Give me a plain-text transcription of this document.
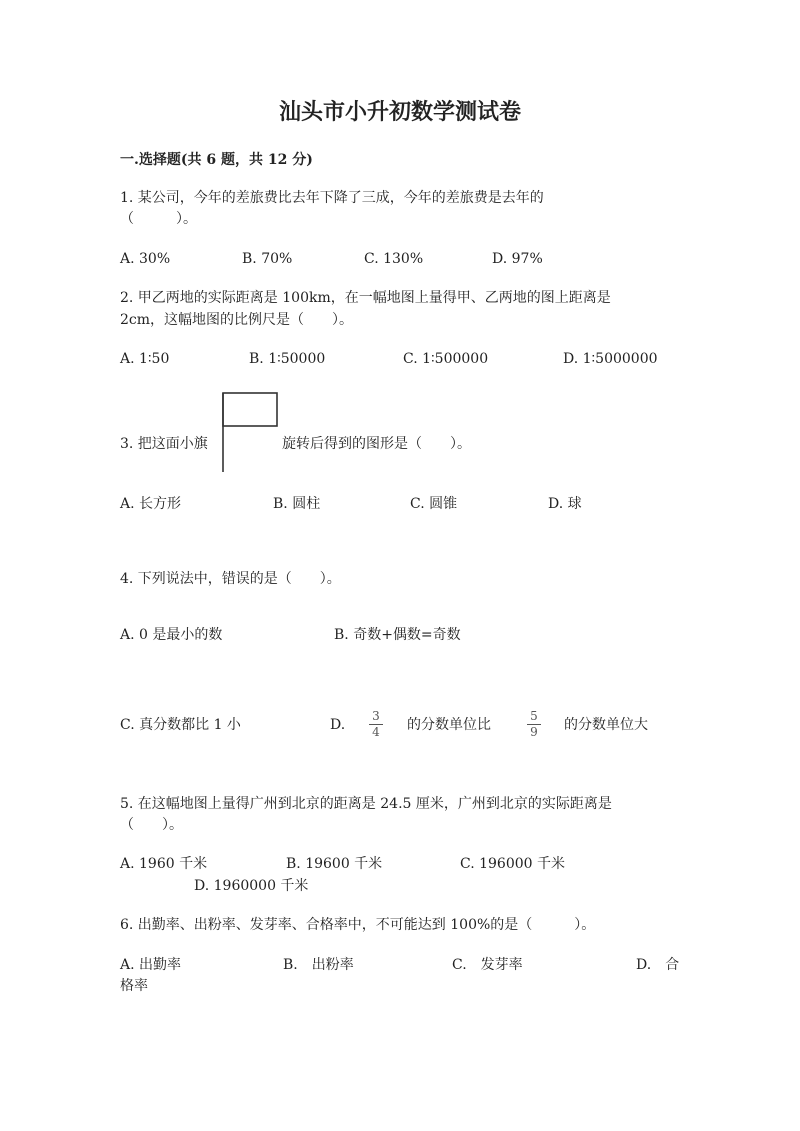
汕头市小升初数学测试卷
一.选择题(共 6 题，共 12 分)
1. 某公司，今年的差旅费比去年下降了三成，今年的差旅费是去年的
（　　　）。
A. 30%	B. 70%	C. 130%	D. 97%
2. 甲乙两地的实际距离是 100km，在一幅地图上量得甲、乙两地的图上距离是
2cm，这幅地图的比例尺是（　　）。
A. 1∶50	B. 1∶50000	C. 1∶500000	D. 1∶5000000
3. 把这面小旗	旋转后得到的图形是（　　）。
A. 长方形	B. 圆柱	C. 圆锥	D. 球
4. 下列说法中，错误的是（　　）。
A. 0 是最小的数	B. 奇数+偶数=奇数
C. 真分数都比 1 小	D.
3
4 的分数单位比
5
9 的分数单位大
5. 在这幅地图上量得广州到北京的距离是 24.5 厘米，广州到北京的实际距离是
（　　）。
A. 1960 千米	B. 19600 千米	C. 196000 千米
D. 1960000 千米
6. 出勤率、出粉率、发芽率、合格率中，不可能达到 100%的是（　　　）。
A. 出勤率	B.　出粉率	C.　发芽率	D.　合
格率
